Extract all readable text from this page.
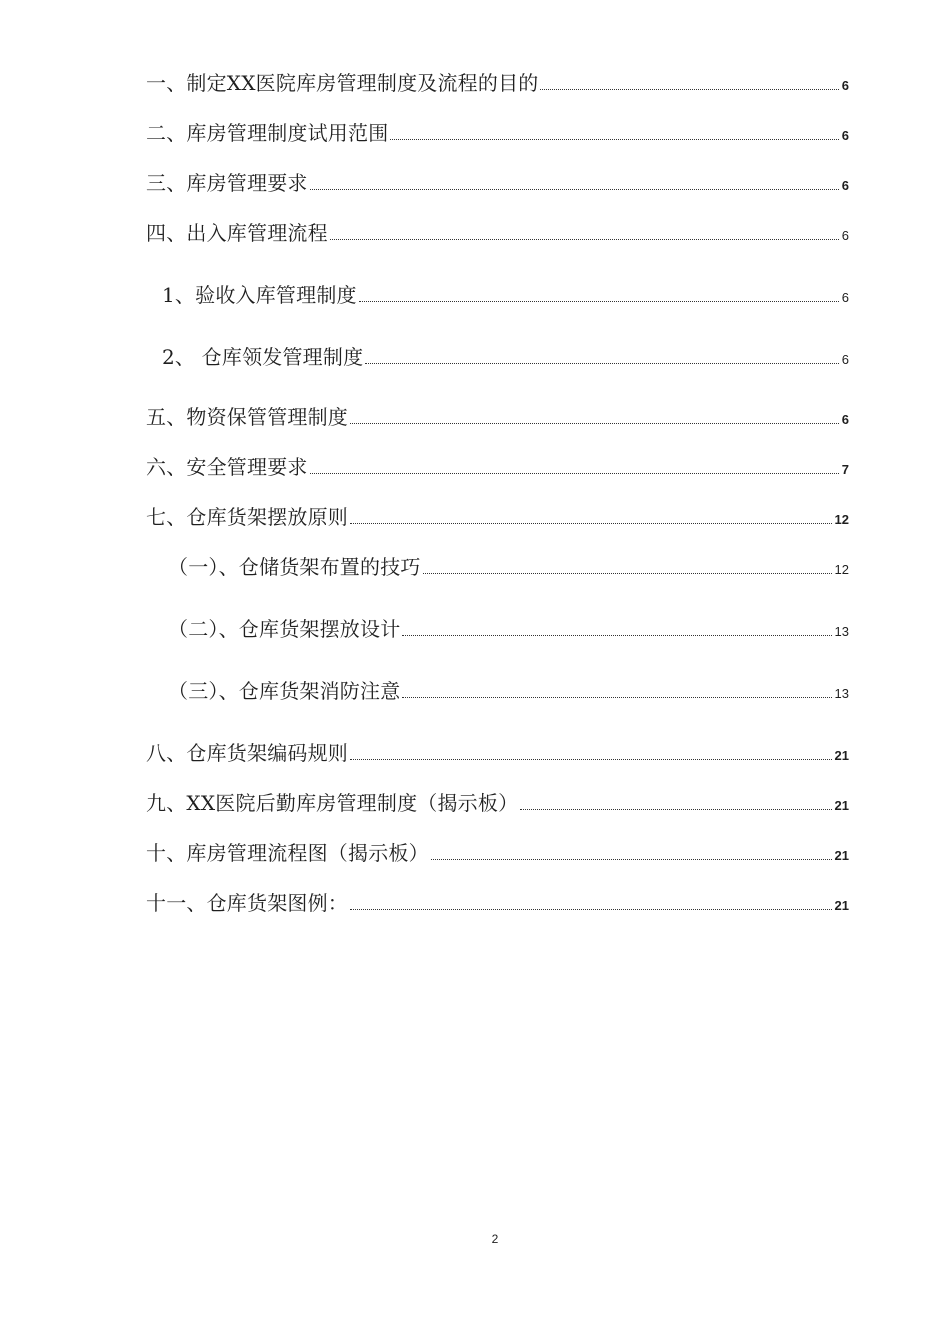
一、制定XX医院库房管理制度及流程的目的	6
二、库房管理制度试用范围	6
三、库房管理要求	6
四、出入库管理流程	6
1、验收入库管理制度	6
2、 仓库领发管理制度	6
五、物资保管管理制度	6
六、安全管理要求	7
七、仓库货架摆放原则	12
（一）、仓储货架布置的技巧	12
（二）、仓库货架摆放设计	13
（三）、仓库货架消防注意	13
八、仓库货架编码规则	21
九、XX医院后勤库房管理制度（揭示板）	21
十、库房管理流程图（揭示板）	21
十一、仓库货架图例：	21
2
